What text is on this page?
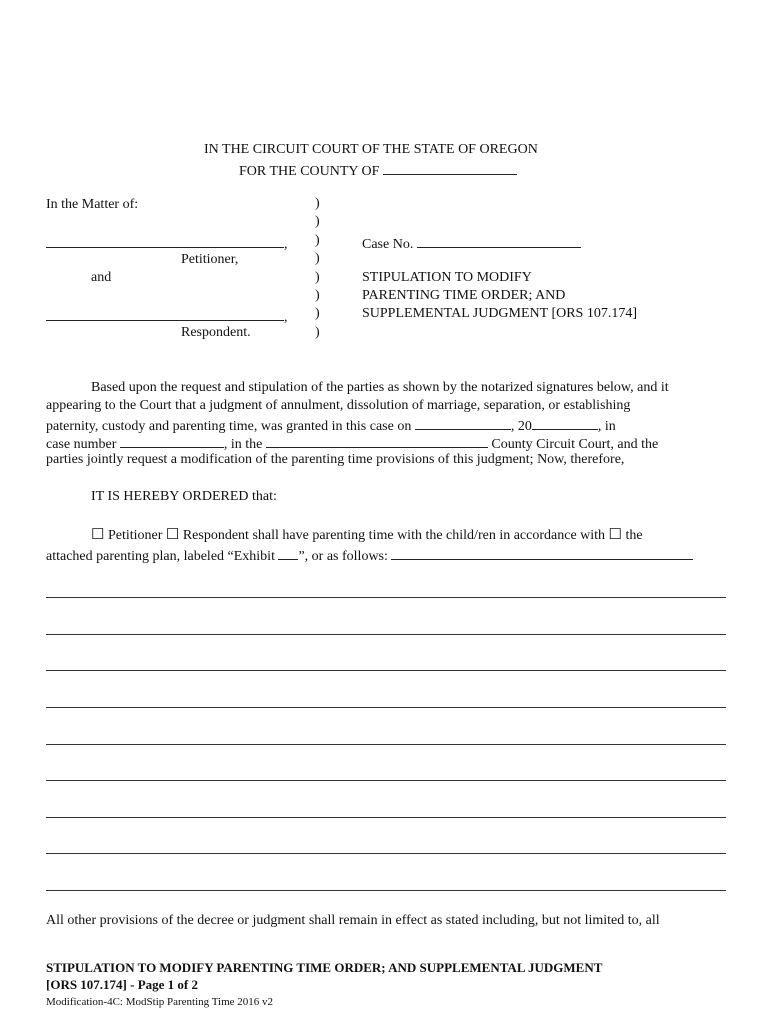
IN THE CIRCUIT COURT OF THE STATE OF OREGON
FOR THE COUNTY OF
In the Matter of:
,
Petitioner,
and
,
Respondent.
)
)
)
)
)
)
)
)
Case No.
STIPULATION TO MODIFY
PARENTING TIME ORDER; AND
SUPPLEMENTAL JUDGMENT [ORS 107.174]
Based upon the request and stipulation of the parties as shown by the notarized signatures below, and it
appearing to the Court that a judgment of annulment, dissolution of marriage, separation, or establishing
paternity, custody and parenting time, was granted in this case on	, 20	, in
case number	, in the	County Circuit Court, and the
parties jointly request a modification of the parenting time provisions of this judgment; Now, therefore,
IT IS HEREBY ORDERED that:
☐ Petitioner ☐ Respondent shall have parenting time with the child/ren in accordance with ☐ the
attached parenting plan, labeled “Exhibit ”, or as follows:
All other provisions of the decree or judgment shall remain in effect as stated including, but not limited to, all
STIPULATION TO MODIFY PARENTING TIME ORDER; AND SUPPLEMENTAL JUDGMENT
[ORS 107.174] - Page 1 of 2
Modification-4C: ModStip Parenting Time 2016 v2
